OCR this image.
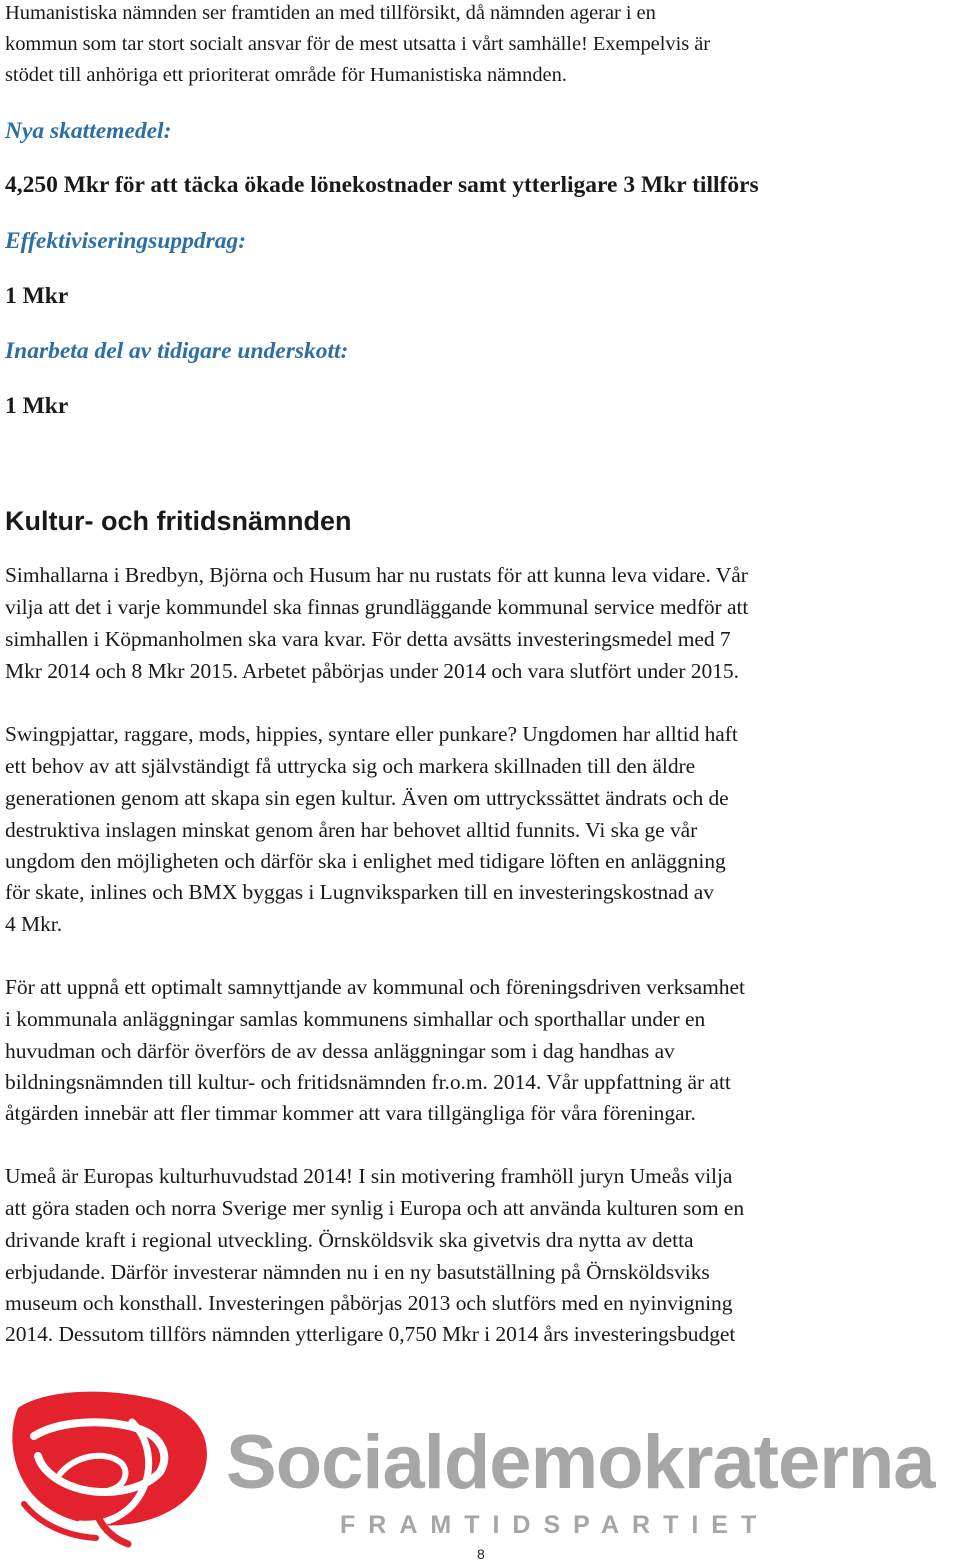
Humanistiska nämnden ser framtiden an med tillförsikt, då nämnden agerar i en
kommun som tar stort socialt ansvar för de mest utsatta i vårt samhälle! Exempelvis är
stödet till anhöriga ett prioriterat område för Humanistiska nämnden.
Nya skattemedel:
4,250 Mkr för att täcka ökade lönekostnader samt ytterligare 3 Mkr tillförs
Effektiviseringsuppdrag:
1 Mkr
Inarbeta del av tidigare underskott:
1 Mkr
Kultur- och fritidsnämnden
Simhallarna i Bredbyn, Björna och Husum har nu rustats för att kunna leva vidare. Vår
vilja att det i varje kommundel ska finnas grundläggande kommunal service medför att
simhallen i Köpmanholmen ska vara kvar. För detta avsätts investeringsmedel med 7
Mkr 2014 och 8 Mkr 2015. Arbetet påbörjas under 2014 och vara slutfört under 2015.
Swingpjattar, raggare, mods, hippies, syntare eller punkare? Ungdomen har alltid haft
ett behov av att självständigt få uttrycka sig och markera skillnaden till den äldre
generationen genom att skapa sin egen kultur. Även om uttryckssättet ändrats och de
destruktiva inslagen minskat genom åren har behovet alltid funnits. Vi ska ge vår
ungdom den möjligheten och därför ska i enlighet med tidigare löften en anläggning
för skate, inlines och BMX byggas i Lugnviksparken till en investeringskostnad av
4 Mkr.
För att uppnå ett optimalt samnyttjande av kommunal och föreningsdriven verksamhet
i kommunala anläggningar samlas kommunens simhallar och sporthallar under en
huvudman och därför överförs de av dessa anläggningar som i dag handhas av
bildningsnämnden till kultur- och fritidsnämnden fr.o.m. 2014. Vår uppfattning är att
åtgärden innebär att fler timmar kommer att vara tillgängliga för våra föreningar.
Umeå är Europas kulturhuvudstad 2014! I sin motivering framhöll juryn Umeås vilja
att göra staden och norra Sverige mer synlig i Europa och att använda kulturen som en
drivande kraft i regional utveckling. Örnsköldsvik ska givetvis dra nytta av detta
erbjudande. Därför investerar nämnden nu i en ny basutställning på Örnsköldsviks
museum och konsthall. Investeringen påbörjas 2013 och slutförs med en nyinvigning
2014. Dessutom tillförs nämnden ytterligare 0,750 Mkr i 2014 års investeringsbudget
Socialdemokraterna
FRAMTIDSPARTIET
8
